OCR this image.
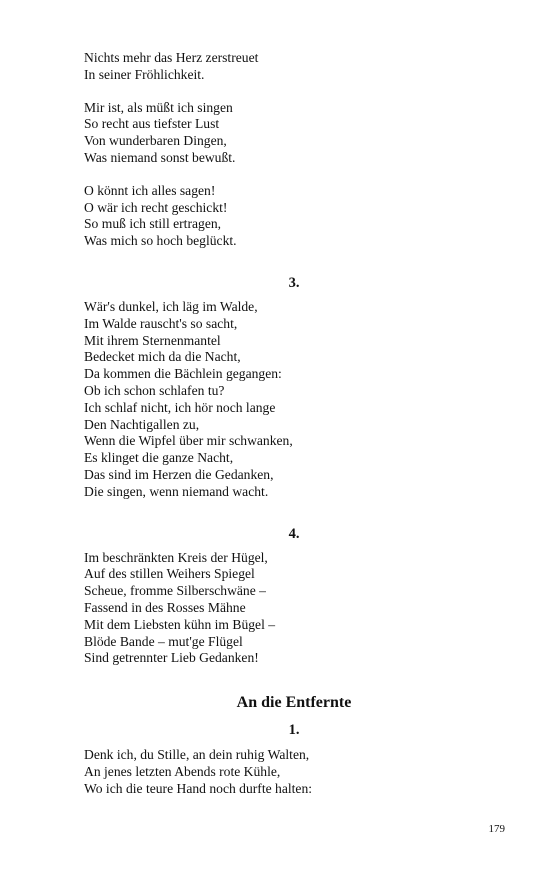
Nichts mehr das Herz zerstreuet
In seiner Fröhlichkeit.
Mir ist, als müßt ich singen
So recht aus tiefster Lust
Von wunderbaren Dingen,
Was niemand sonst bewußt.
O könnt ich alles sagen!
O wär ich recht geschickt!
So muß ich still ertragen,
Was mich so hoch beglückt.
3.
Wär's dunkel, ich läg im Walde,
Im Walde rauscht's so sacht,
Mit ihrem Sternenmantel
Bedecket mich da die Nacht,
Da kommen die Bächlein gegangen:
Ob ich schon schlafen tu?
Ich schlaf nicht, ich hör noch lange
Den Nachtigallen zu,
Wenn die Wipfel über mir schwanken,
Es klinget die ganze Nacht,
Das sind im Herzen die Gedanken,
Die singen, wenn niemand wacht.
4.
Im beschränkten Kreis der Hügel,
Auf des stillen Weihers Spiegel
Scheue, fromme Silberschwäne –
Fassend in des Rosses Mähne
Mit dem Liebsten kühn im Bügel –
Blöde Bande – mut'ge Flügel
Sind getrennter Lieb Gedanken!
An die Entfernte
1.
Denk ich, du Stille, an dein ruhig Walten,
An jenes letzten Abends rote Kühle,
Wo ich die teure Hand noch durfte halten:
179
